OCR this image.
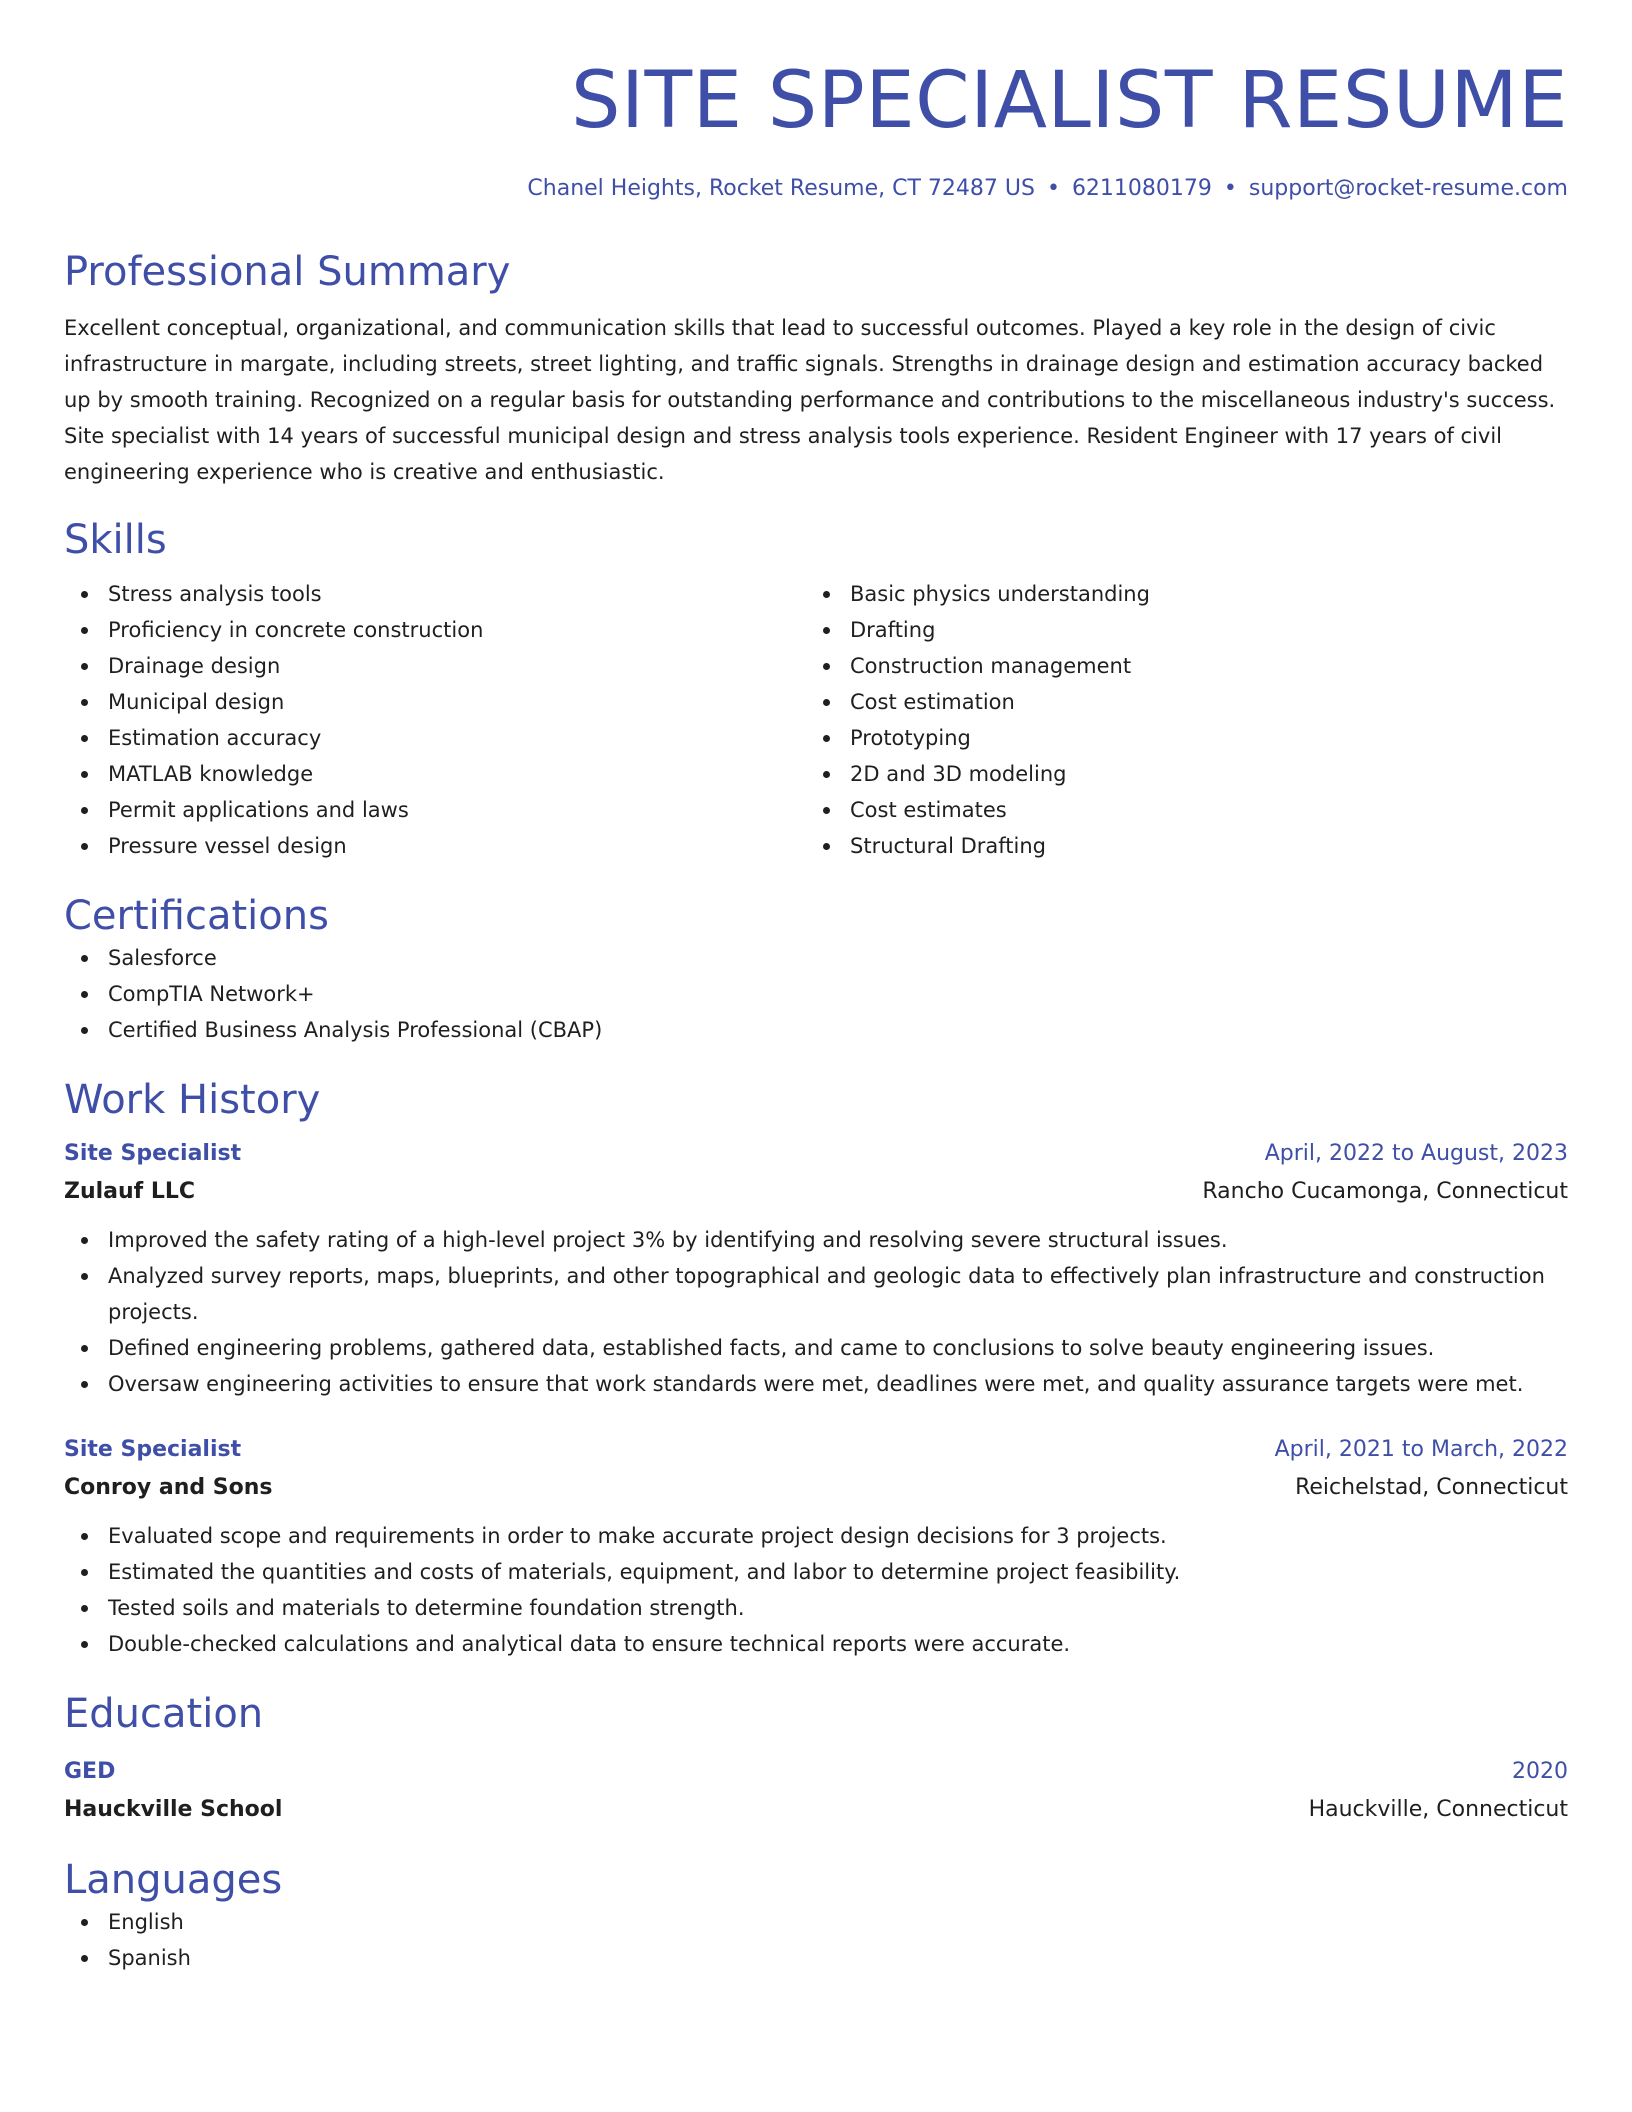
SITE SPECIALIST RESUME
Chanel Heights, Rocket Resume, CT 72487 US • 6211080179 • support@rocket-resume.com
Professional Summary
Excellent conceptual, organizational, and communication skills that lead to successful outcomes. Played a key role in the design of civic infrastructure in margate, including streets, street lighting, and traffic signals. Strengths in drainage design and estimation accuracy backed up by smooth training. Recognized on a regular basis for outstanding performance and contributions to the miscellaneous industry's success. Site specialist with 14 years of successful municipal design and stress analysis tools experience. Resident Engineer with 17 years of civil engineering experience who is creative and enthusiastic.
Skills
Stress analysis tools
Proficiency in concrete construction
Drainage design
Municipal design
Estimation accuracy
MATLAB knowledge
Permit applications and laws
Pressure vessel design
Basic physics understanding
Drafting
Construction management
Cost estimation
Prototyping
2D and 3D modeling
Cost estimates
Structural Drafting
Certifications
Salesforce
CompTIA Network+
Certified Business Analysis Professional (CBAP)
Work History
Site Specialist	April, 2022 to August, 2023
Zulauf LLC	Rancho Cucamonga, Connecticut
Improved the safety rating of a high-level project 3% by identifying and resolving severe structural issues.
Analyzed survey reports, maps, blueprints, and other topographical and geologic data to effectively plan infrastructure and construction projects.
Defined engineering problems, gathered data, established facts, and came to conclusions to solve beauty engineering issues.
Oversaw engineering activities to ensure that work standards were met, deadlines were met, and quality assurance targets were met.
Site Specialist	April, 2021 to March, 2022
Conroy and Sons	Reichelstad, Connecticut
Evaluated scope and requirements in order to make accurate project design decisions for 3 projects.
Estimated the quantities and costs of materials, equipment, and labor to determine project feasibility.
Tested soils and materials to determine foundation strength.
Double-checked calculations and analytical data to ensure technical reports were accurate.
Education
GED	2020
Hauckville School	Hauckville, Connecticut
Languages
English
Spanish
